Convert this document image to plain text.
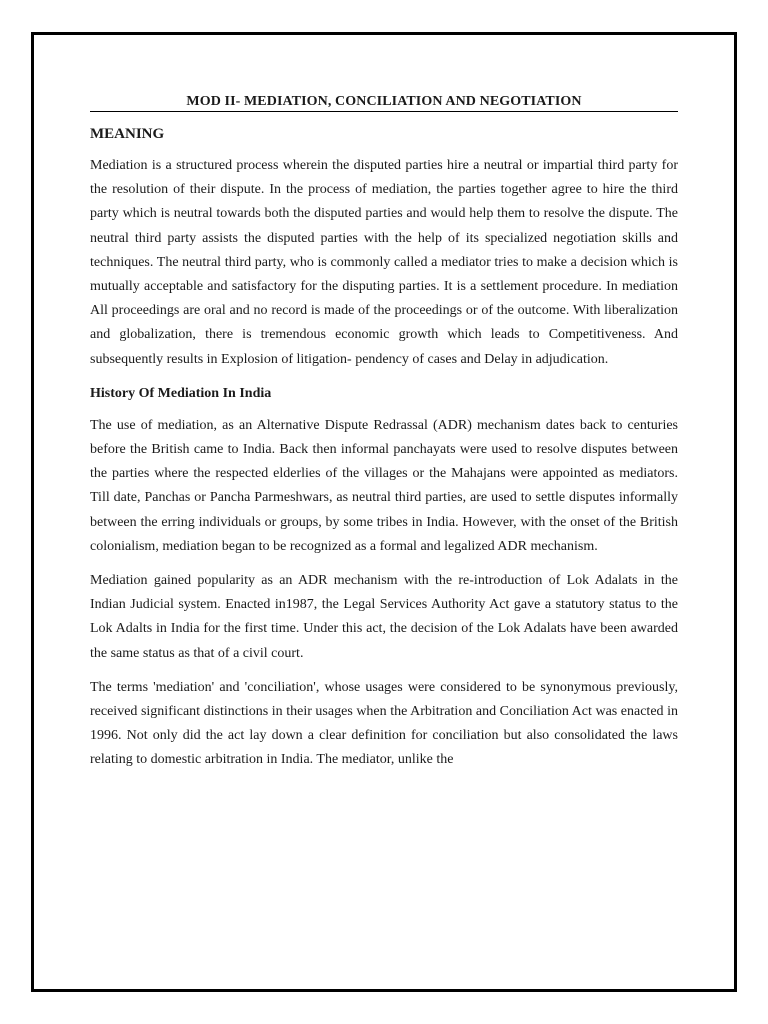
MOD II- MEDIATION, CONCILIATION AND NEGOTIATION
MEANING

Mediation is a structured process wherein the disputed parties hire a neutral or impartial third party for the resolution of their dispute. In the process of mediation, the parties together agree to hire the third party which is neutral towards both the disputed parties and would help them to resolve the dispute. The neutral third party assists the disputed parties with the help of its specialized negotiation skills and techniques. The neutral third party, who is commonly called a mediator tries to make a decision which is mutually acceptable and satisfactory for the disputing parties. It is a settlement procedure. In mediation All proceedings are oral and no record is made of the proceedings or of the outcome. With liberalization and globalization, there is tremendous economic growth which leads to Competitiveness. And subsequently results in Explosion of litigation- pendency of cases and Delay in adjudication.

History Of Mediation In India

The use of mediation, as an Alternative Dispute Redrassal (ADR) mechanism dates back to centuries before the British came to India. Back then informal panchayats were used to resolve disputes between the parties where the respected elderlies of the villages or the Mahajans were appointed as mediators. Till date, Panchas or Pancha Parmeshwars, as neutral third parties, are used to settle disputes informally between the erring individuals or groups, by some tribes in India. However, with the onset of the British colonialism, mediation began to be recognized as a formal and legalized ADR mechanism.

Mediation gained popularity as an ADR mechanism with the re-introduction of Lok Adalats in the Indian Judicial system. Enacted in1987, the Legal Services Authority Act gave a statutory status to the Lok Adalts in India for the first time. Under this act, the decision of the Lok Adalats have been awarded the same status as that of a civil court.

The terms 'mediation' and 'conciliation', whose usages were considered to be synonymous previously, received significant distinctions in their usages when the Arbitration and Conciliation Act was enacted in 1996. Not only did the act lay down a clear definition for conciliation but also consolidated the laws relating to domestic arbitration in India. The mediator, unlike the
